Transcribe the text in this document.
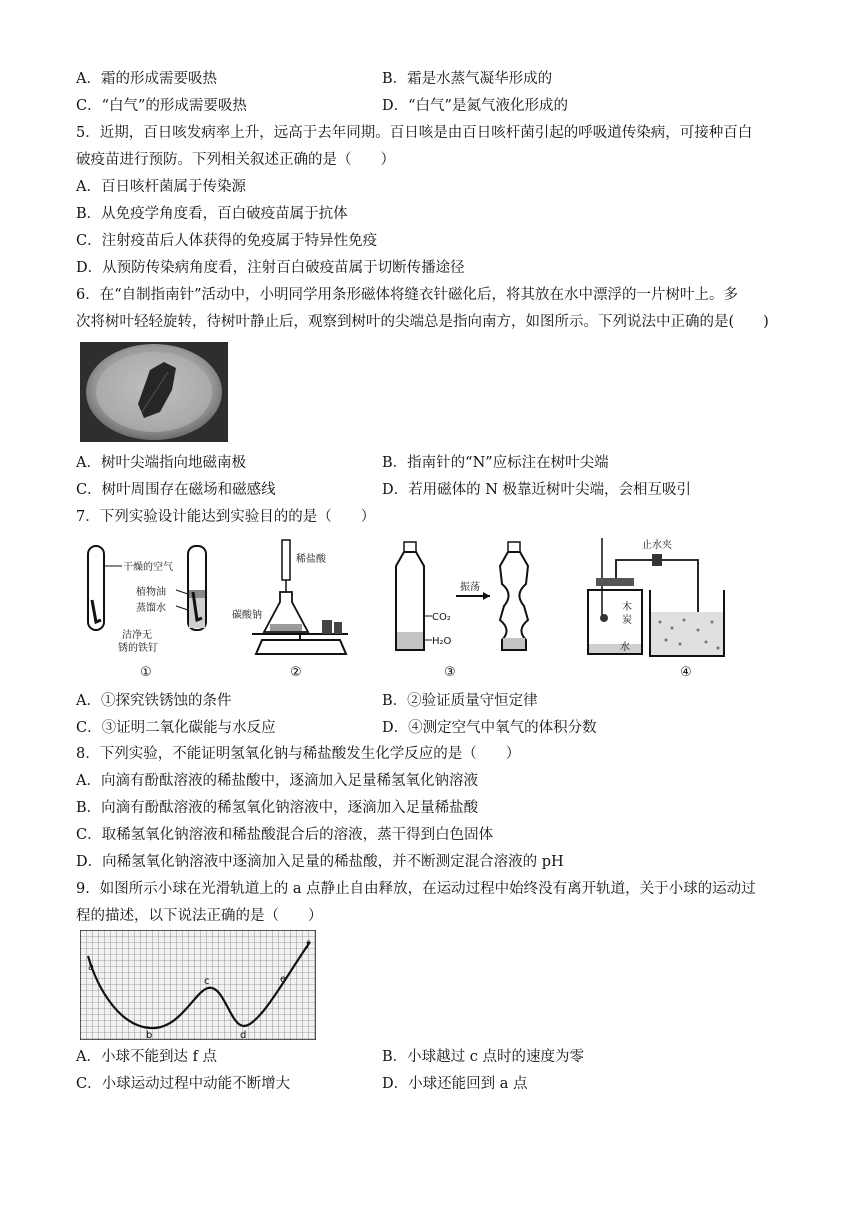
A．霜的形成需要吸热	B．霜是水蒸气凝华形成的
C．“白气”的形成需要吸热	D．“白气”是氮气液化形成的
5．近期，百日咳发病率上升，远高于去年同期。百日咳是由百日咳杆菌引起的呼吸道传染病，可接种百白
破疫苗进行预防。下列相关叙述正确的是（　　）
A．百日咳杆菌属于传染源
B．从免疫学角度看，百白破疫苗属于抗体
C．注射疫苗后人体获得的免疫属于特异性免疫
D．从预防传染病角度看，注射百白破疫苗属于切断传播途径
6．在“自制指南针”活动中，小明同学用条形磁体将缝衣针磁化后，将其放在水中漂浮的一片树叶上。多
次将树叶轻轻旋转，待树叶静止后，观察到树叶的尖端总是指向南方，如图所示。下列说法中正确的是(　　)
A．树叶尖端指向地磁南极	B．指南针的“N”应标注在树叶尖端
C．树叶周围存在磁场和磁感线	D．若用磁体的 N 极靠近树叶尖端，会相互吸引
7．下列实验设计能达到实验目的的是（　　）
干燥的空气
植物油
蒸馏水
洁净无
锈的铁钉
①
稀盐酸
碳酸钠
②
CO₂
H₂O
振荡
③
木
炭
水
止水夹
④
A．①探究铁锈蚀的条件	B．②验证质量守恒定律
C．③证明二氧化碳能与水反应	D．④测定空气中氧气的体积分数
8．下列实验，不能证明氢氧化钠与稀盐酸发生化学反应的是（　　）
A．向滴有酚酞溶液的稀盐酸中，逐滴加入足量稀氢氧化钠溶液
B．向滴有酚酞溶液的稀氢氧化钠溶液中，逐滴加入足量稀盐酸
C．取稀氢氧化钠溶液和稀盐酸混合后的溶液，蒸干得到白色固体
D．向稀氢氧化钠溶液中逐滴加入足量的稀盐酸，并不断测定混合溶液的 pH
9．如图所示小球在光滑轨道上的 a 点静止自由释放，在运动过程中始终没有离开轨道，关于小球的运动过
程的描述，以下说法正确的是（　　）
a
b
c
d
e
f
A．小球不能到达 f 点	B．小球越过 c 点时的速度为零
C．小球运动过程中动能不断增大	D．小球还能回到 a 点
